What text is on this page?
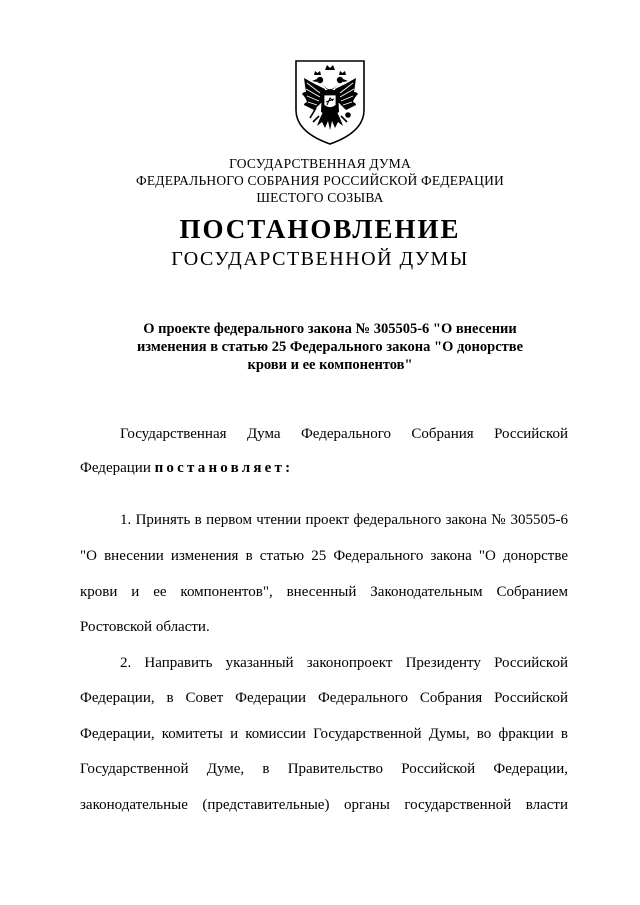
ГОСУДАРСТВЕННАЯ ДУМА
ФЕДЕРАЛЬНОГО СОБРАНИЯ РОССИЙСКОЙ ФЕДЕРАЦИИ
ШЕСТОГО СОЗЫВА
ПОСТАНОВЛЕНИЕ
ГОСУДАРСТВЕННОЙ ДУМЫ
О проекте федерального закона № 305505-6 "О внесении
изменения в статью 25 Федерального закона "О донорстве
крови и ее компонентов"
Государственная Дума Федерального Собрания Российской
Федерации постановляет:
1. Принять в первом чтении проект федерального закона № 305505-6
"О внесении изменения в статью 25 Федерального закона "О донорстве
крови и ее компонентов", внесенный Законодательным Собранием
Ростовской области.
2. Направить указанный законопроект Президенту Российской
Федерации, в Совет Федерации Федерального Собрания Российской
Федерации, комитеты и комиссии Государственной Думы, во фракции в
Государственной Думе, в Правительство Российской Федерации,
законодательные (представительные) органы государственной власти
